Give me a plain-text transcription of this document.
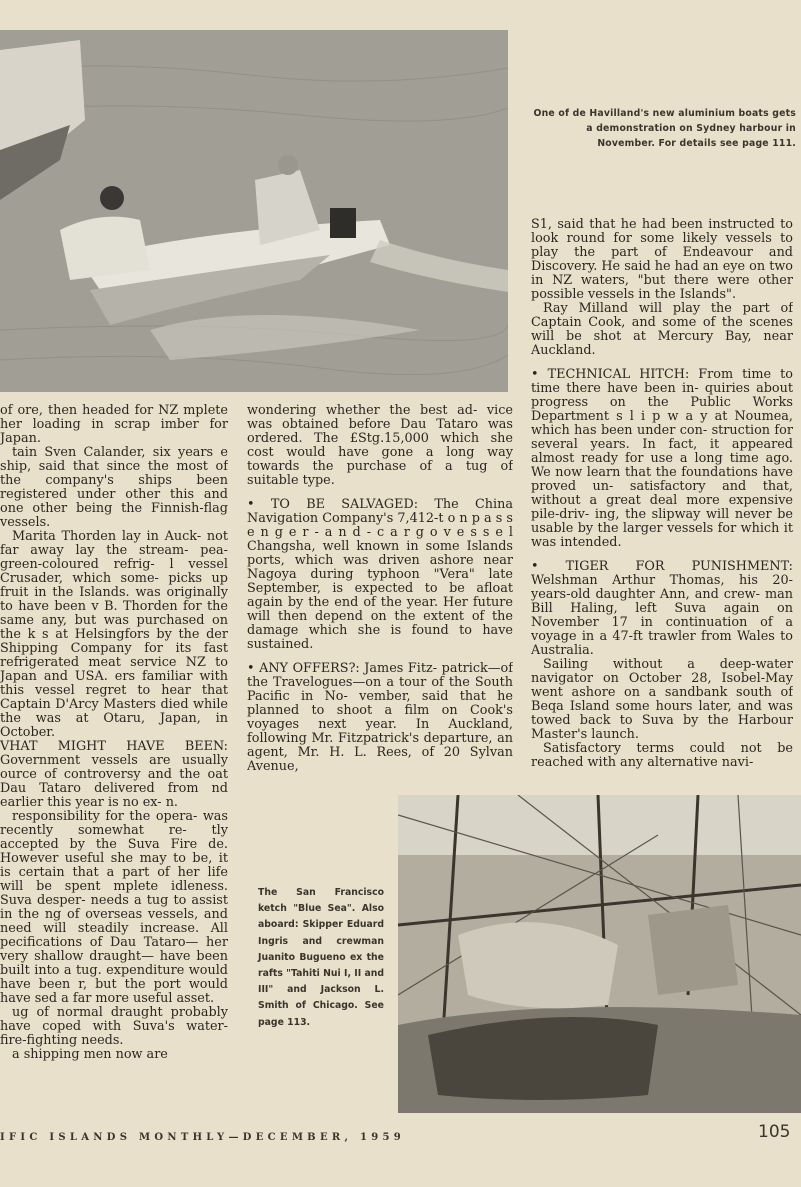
One of de Havilland's new aluminium boats gets a demonstration on Sydney harbour in November. For details see page 111.

of ore, then headed for NZ mplete her loading in scrap imber for Japan.

tain Sven Calander, six years e ship, said that since the most of the company's ships been registered under other this and one other being the Finnish-flag vessels.

Marita Thorden lay in Auck- not far away lay the stream- pea-green-coloured refrig- l vessel Crusader, which some- picks up fruit in the Islands. was originally to have been v B. Thorden for the same any, but was purchased on the k s at Helsingfors by the der Shipping Company for its fast refrigerated meat service NZ to Japan and USA. ers familiar with this vessel regret to hear that Captain D'Arcy Masters died while the was at Otaru, Japan, in October.

VHAT MIGHT HAVE BEEN: Government vessels are usually ource of controversy and the oat Dau Tataro delivered from nd earlier this year is no ex- n.

responsibility for the opera- was recently somewhat re- tly accepted by the Suva Fire de. However useful she may to be, it is certain that a part of her life will be spent mplete idleness. Suva desper- needs a tug to assist in the ng of overseas vessels, and need will steadily increase. All pecifications of Dau Tataro— her very shallow draught— have been built into a tug. expenditure would have been r, but the port would have sed a far more useful asset.

ug of normal draught probably have coped with Suva's water- fire-fighting needs.

a shipping men now are

wondering whether the best ad- vice was obtained before Dau Tataro was ordered. The £Stg.15,000 which she cost would have gone a long way towards the purchase of a tug of suitable type.

• TO BE SALVAGED: The China Navigation Company's 7,412-t o n p a s s e n g e r - a n d - c a r g o v e s s e l Changsha, well known in some Islands ports, which was driven ashore near Nagoya during typhoon "Vera" late September, is expected to be afloat again by the end of the year. Her future will then depend on the extent of the damage which she is found to have sustained.

• ANY OFFERS?: James Fitz- patrick—of the Travelogues—on a tour of the South Pacific in No- vember, said that he planned to shoot a film on Cook's voyages next year. In Auckland, following Mr. Fitzpatrick's departure, an agent, Mr. H. L. Rees, of 20 Sylvan Avenue,

S1, said that he had been instructed to look round for some likely vessels to play the part of Endeavour and Discovery. He said he had an eye on two in NZ waters, "but there were other possible vessels in the Islands".

Ray Milland will play the part of Captain Cook, and some of the scenes will be shot at Mercury Bay, near Auckland.

• TECHNICAL HITCH: From time to time there have been in- quiries about progress on the Public Works Department s l i p w a y at Noumea, which has been under con- struction for several years. In fact, it appeared almost ready for use a long time ago. We now learn that the foundations have proved un- satisfactory and that, without a great deal more expensive pile-driv- ing, the slipway will never be usable by the larger vessels for which it was intended.

• TIGER FOR PUNISHMENT: Welshman Arthur Thomas, his 20- years-old daughter Ann, and crew- man Bill Haling, left Suva again on November 17 in continuation of a voyage in a 47-ft trawler from Wales to Australia.

Sailing without a deep-water navigator on October 28, Isobel-May went ashore on a sandbank south of Beqa Island some hours later, and was towed back to Suva by the Harbour Master's launch.

Satisfactory terms could not be reached with any alternative navi-

The San Francisco ketch "Blue Sea". Also aboard: Skipper Eduard Ingris and crewman Juanito Bugueno ex the rafts "Tahiti Nui I, II and III" and Jackson L. Smith of Chicago. See page 113.
IFIC ISLANDS MONTHLY—DECEMBER, 1959	105
